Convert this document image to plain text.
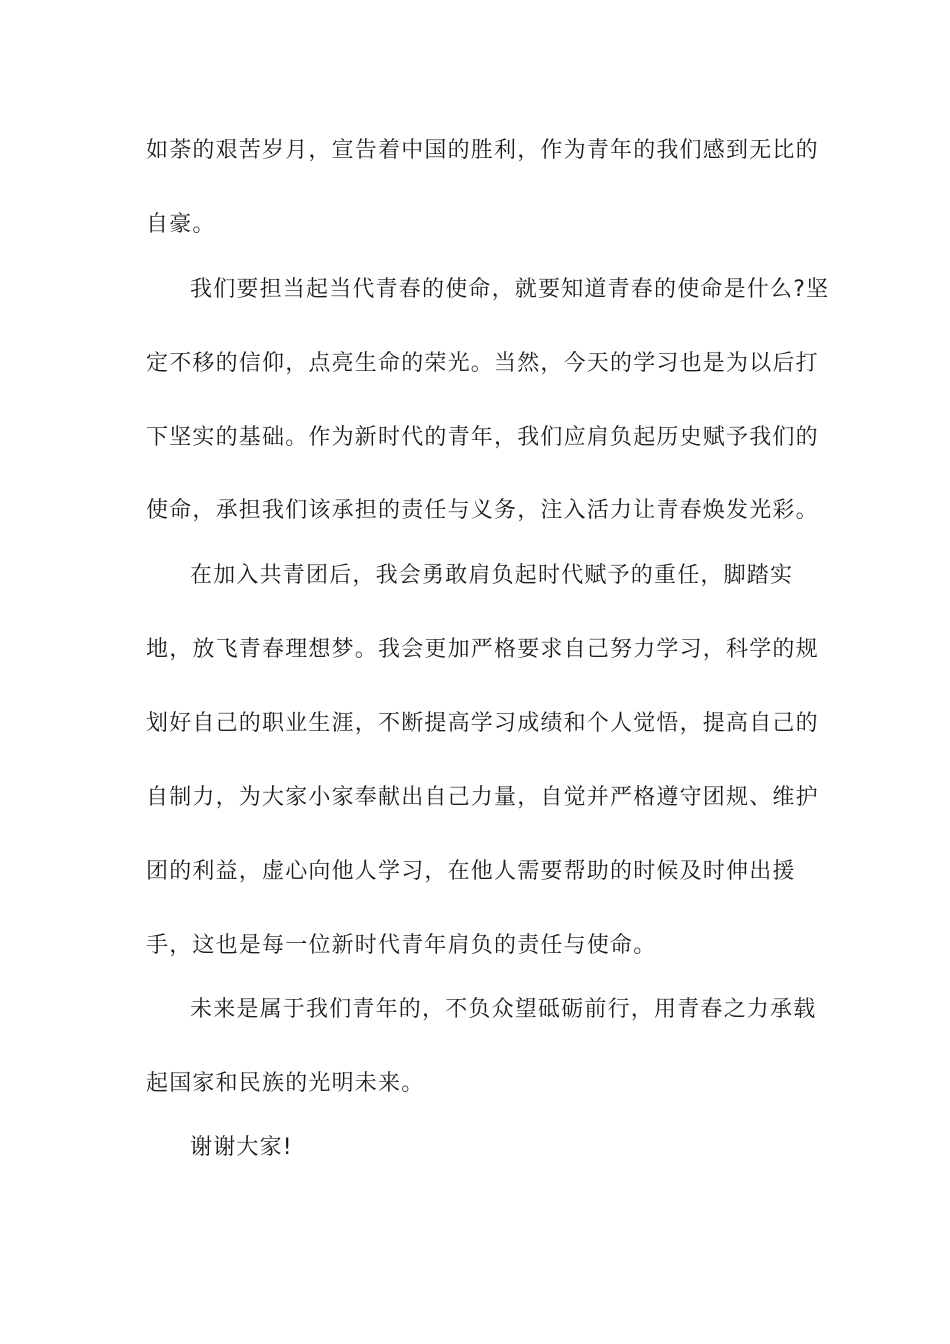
如荼的艰苦岁月，宣告着中国的胜利，作为青年的我们感到无比的
自豪。
我们要担当起当代青春的使命，就要知道青春的使命是什么?坚
定不移的信仰，点亮生命的荣光。当然，今天的学习也是为以后打
下坚实的基础。作为新时代的青年，我们应肩负起历史赋予我们的
使命，承担我们该承担的责任与义务，注入活力让青春焕发光彩。
在加入共青团后，我会勇敢肩负起时代赋予的重任，脚踏实
地，放飞青春理想梦。我会更加严格要求自己努力学习，科学的规
划好自己的职业生涯，不断提高学习成绩和个人觉悟，提高自己的
自制力，为大家小家奉献出自己力量，自觉并严格遵守团规、维护
团的利益，虚心向他人学习，在他人需要帮助的时候及时伸出援
手，这也是每一位新时代青年肩负的责任与使命。
未来是属于我们青年的，不负众望砥砺前行，用青春之力承载
起国家和民族的光明未来。
谢谢大家!
